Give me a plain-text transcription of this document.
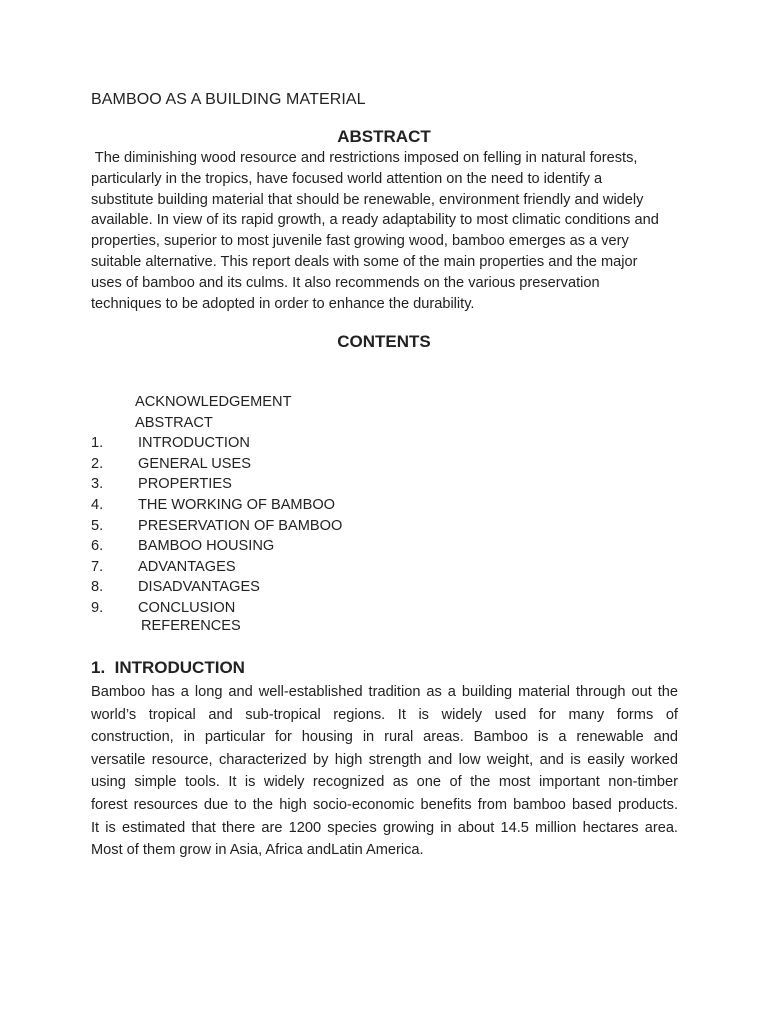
BAMBOO AS A BUILDING MATERIAL
ABSTRACT
The diminishing wood resource and restrictions imposed on felling in natural forests,
particularly in the tropics, have focused world attention on the need to identify a
substitute building material that should be renewable, environment friendly and widely
available. In view of its rapid growth, a ready adaptability to most climatic conditions and
properties, superior to most juvenile fast growing wood, bamboo emerges as a very
suitable alternative. This report deals with some of the main properties and the major
uses of bamboo and its culms. It also recommends on the various preservation
techniques to be adopted in order to enhance the durability.
CONTENTS
ACKNOWLEDGEMENT
ABSTRACT
1. INTRODUCTION
2. GENERAL USES
3. PROPERTIES
4. THE WORKING OF BAMBOO
5. PRESERVATION OF BAMBOO
6. BAMBOO HOUSING
7. ADVANTAGES
8. DISADVANTAGES
9. CONCLUSION
REFERENCES
1.  INTRODUCTION
Bamboo has a long and well-established tradition as a building material through out the
world’s tropical and sub-tropical regions. It is widely used for many forms of
construction, in particular for housing in rural areas. Bamboo is a renewable and
versatile resource, characterized by high strength and low weight, and is easily worked
using simple tools. It is widely recognized as one of the most important non-timber
forest resources due to the high socio-economic benefits from bamboo based products.
It is estimated that there are 1200 species growing in about 14.5 million hectares area.
Most of them grow in Asia, Africa andLatin America.
